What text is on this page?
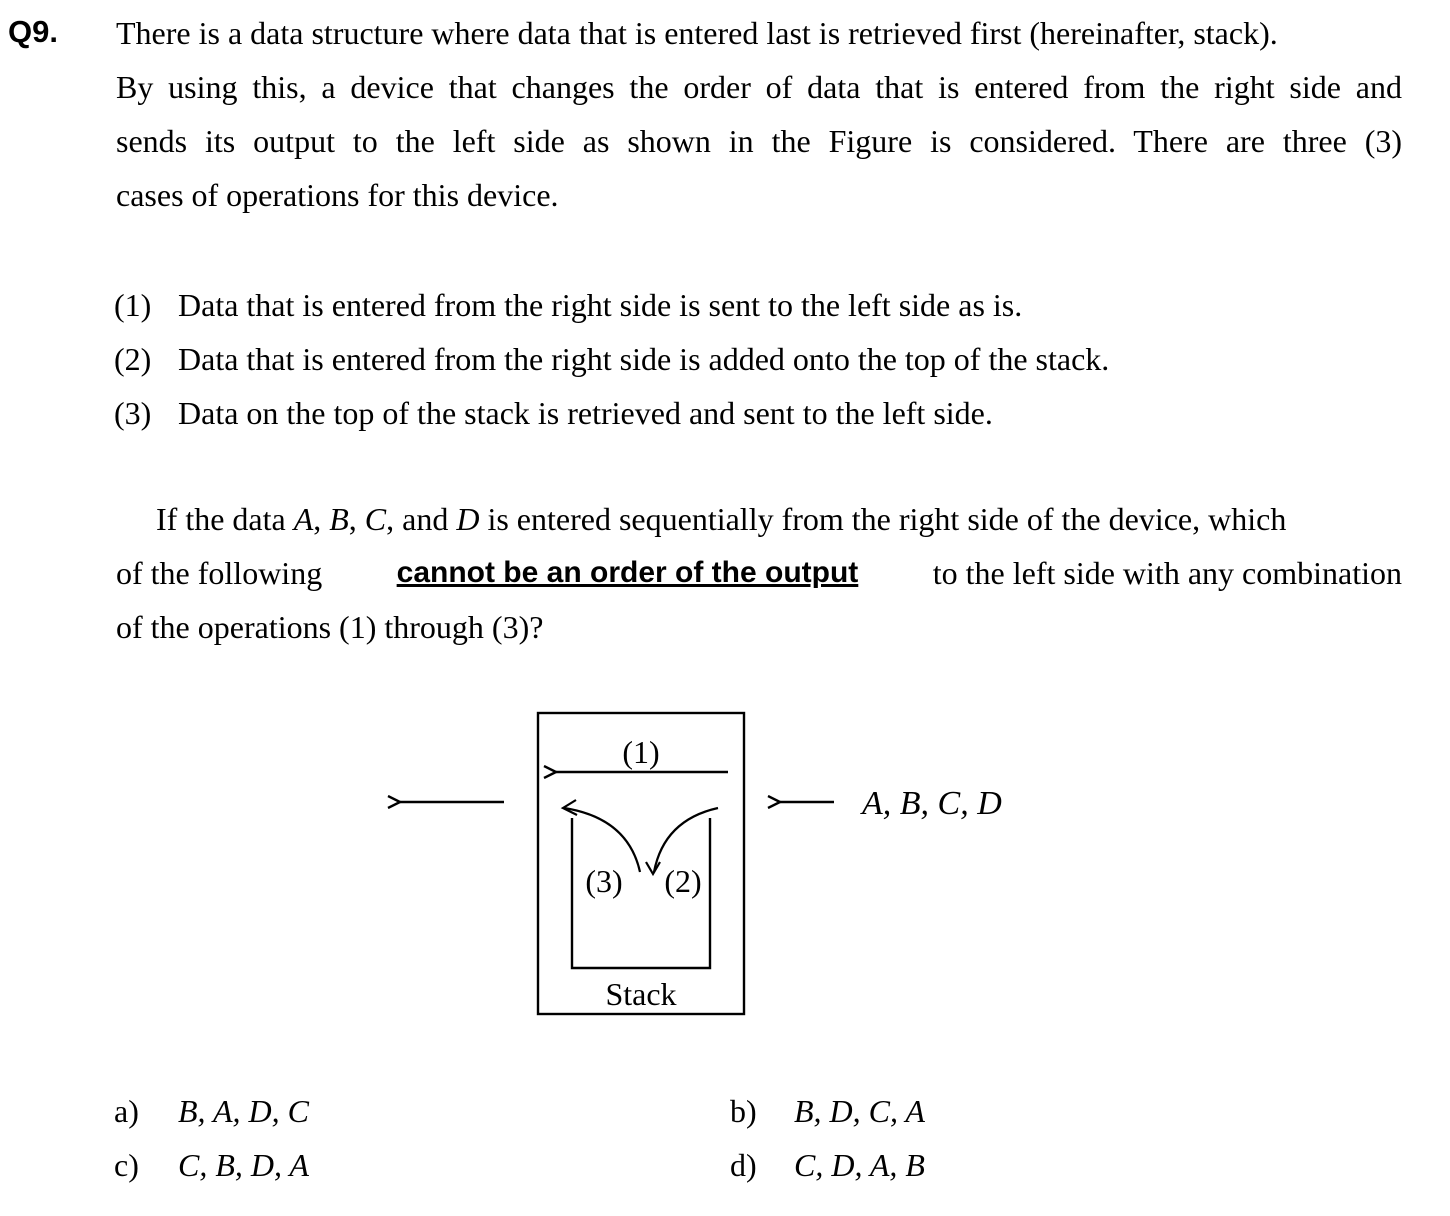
Q9. There is a data structure where data that is entered last is retrieved first (hereinafter, stack).
By using this, a device that changes the order of data that is entered from the right side and
sends its output to the left side as shown in the Figure is considered. There are three (3)
cases of operations for this device.
(1) Data that is entered from the right side is sent to the left side as is.
(2) Data that is entered from the right side is added onto the top of the stack.
(3) Data on the top of the stack is retrieved and sent to the left side.
If the data A, B, C, and D is entered sequentially from the right side of the device, which
of the following cannot be an order of the output to the left side with any combination
of the operations (1) through (3)?
(1)
(3) (2)
Stack
A, B, C, D
a)	B, A, D, C	b)	B, D, C, A
c)	C, B, D, A	d)	C, D, A, B
